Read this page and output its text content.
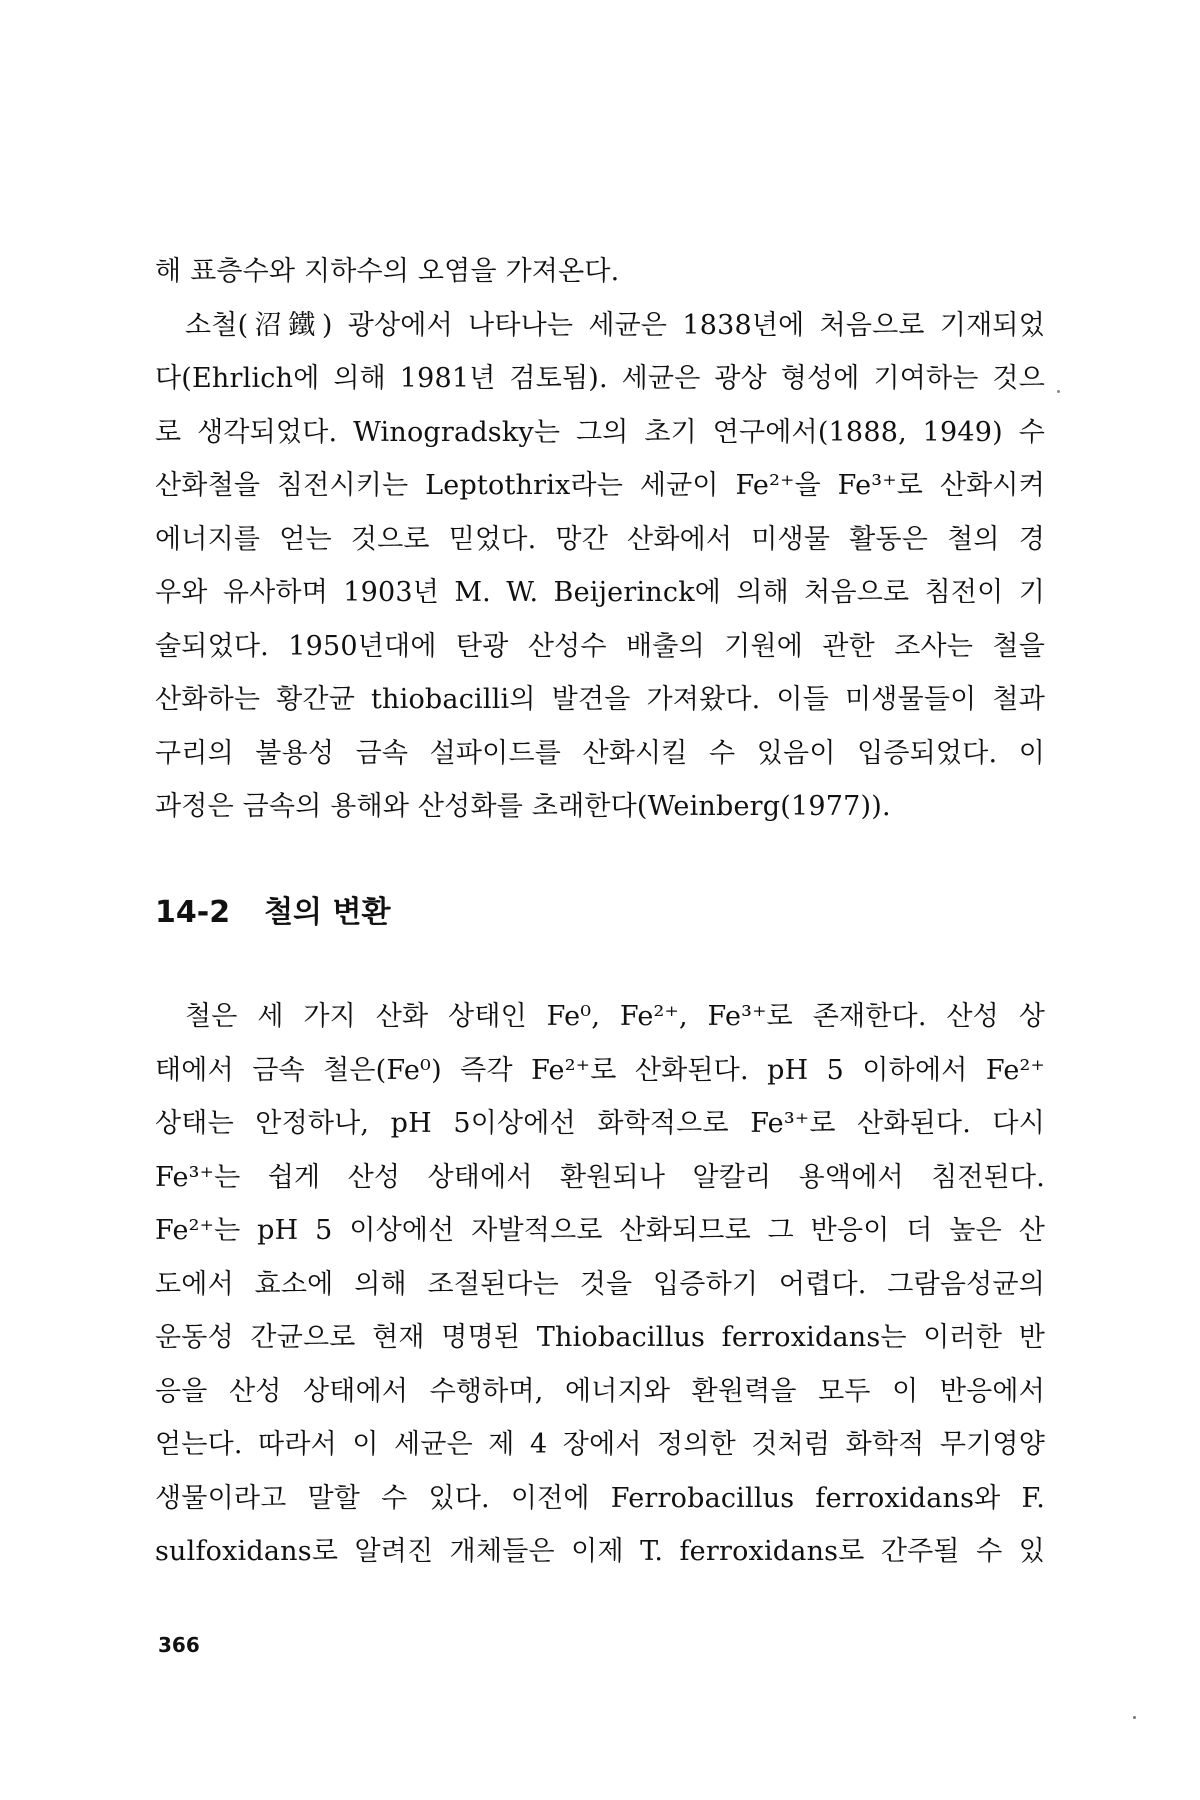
해 표층수와 지하수의 오염을 가져온다.
소철(沼鐵) 광상에서 나타나는 세균은 1838년에 처음으로 기재되었
다(Ehrlich에 의해 1981년 검토됨). 세균은 광상 형성에 기여하는 것으
로 생각되었다. Winogradsky는 그의 초기 연구에서(1888, 1949) 수
산화철을 침전시키는 Leptothrix라는 세균이 Fe²⁺을 Fe³⁺로 산화시켜
에너지를 얻는 것으로 믿었다. 망간 산화에서 미생물 활동은 철의 경
우와 유사하며 1903년 M. W. Beijerinck에 의해 처음으로 침전이 기
술되었다. 1950년대에 탄광 산성수 배출의 기원에 관한 조사는 철을
산화하는 황간균 thiobacilli의 발견을 가져왔다. 이들 미생물들이 철과
구리의 불용성 금속 설파이드를 산화시킬 수 있음이 입증되었다. 이
과정은 금속의 용해와 산성화를 초래한다(Weinberg(1977)).
14-2 철의 변환
철은 세 가지 산화 상태인 Fe⁰, Fe²⁺, Fe³⁺로 존재한다. 산성 상
태에서 금속 철은(Fe⁰) 즉각 Fe²⁺로 산화된다. pH 5 이하에서 Fe²⁺
상태는 안정하나, pH 5이상에선 화학적으로 Fe³⁺로 산화된다. 다시
Fe³⁺는 쉽게 산성 상태에서 환원되나 알칼리 용액에서 침전된다.
Fe²⁺는 pH 5 이상에선 자발적으로 산화되므로 그 반응이 더 높은 산
도에서 효소에 의해 조절된다는 것을 입증하기 어렵다. 그람음성균의
운동성 간균으로 현재 명명된 Thiobacillus ferroxidans는 이러한 반
응을 산성 상태에서 수행하며, 에너지와 환원력을 모두 이 반응에서
얻는다. 따라서 이 세균은 제 4 장에서 정의한 것처럼 화학적 무기영양
생물이라고 말할 수 있다. 이전에 Ferrobacillus ferroxidans와 F.
sulfoxidans로 알려진 개체들은 이제 T. ferroxidans로 간주될 수 있
366
